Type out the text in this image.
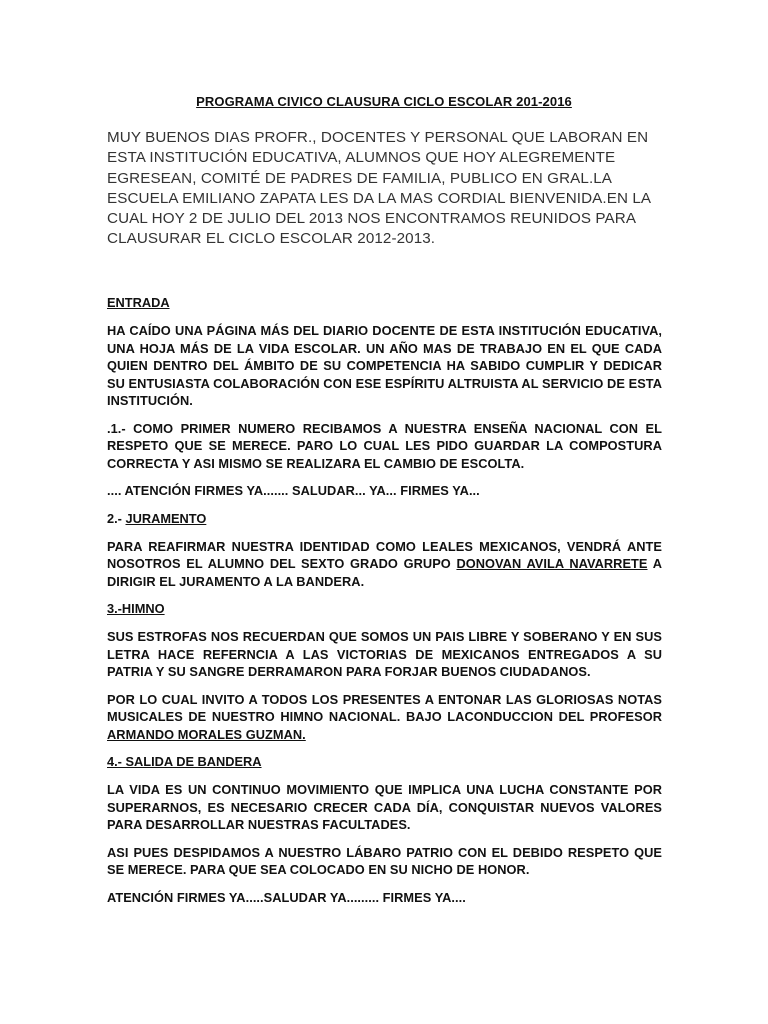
PROGRAMA CIVICO CLAUSURA CICLO ESCOLAR 201-2016
MUY BUENOS DIAS PROFR., DOCENTES Y PERSONAL QUE LABORAN EN ESTA INSTITUCIÓN EDUCATIVA, ALUMNOS QUE HOY ALEGREMENTE EGRESEAN, COMITÉ DE PADRES DE FAMILIA, PUBLICO EN GRAL.LA ESCUELA EMILIANO ZAPATA LES DA LA MAS CORDIAL BIENVENIDA.EN LA CUAL HOY 2 DE JULIO DEL 2013 NOS ENCONTRAMOS REUNIDOS PARA CLAUSURAR EL CICLO ESCOLAR 2012-2013.
ENTRADA
HA CAÍDO UNA PÁGINA MÁS DEL DIARIO DOCENTE DE ESTA INSTITUCIÓN EDUCATIVA, UNA HOJA MÁS DE LA VIDA ESCOLAR. UN AÑO MAS DE TRABAJO EN EL QUE CADA QUIEN DENTRO DEL ÁMBITO DE SU COMPETENCIA HA SABIDO CUMPLIR Y DEDICAR SU ENTUSIASTA COLABORACIÓN CON ESE ESPÍRITU ALTRUISTA AL SERVICIO DE ESTA INSTITUCIÓN.
.1.- COMO PRIMER NUMERO RECIBAMOS A NUESTRA ENSEÑA NACIONAL CON EL RESPETO QUE SE MERECE. PARO LO CUAL LES PIDO GUARDAR LA COMPOSTURA CORRECTA Y ASI MISMO SE REALIZARA EL CAMBIO DE ESCOLTA.
.... ATENCIÓN FIRMES YA....... SALUDAR... YA... FIRMES YA...
2.- JURAMENTO
PARA REAFIRMAR NUESTRA IDENTIDAD COMO LEALES MEXICANOS, VENDRÁ ANTE NOSOTROS EL ALUMNO DEL SEXTO GRADO GRUPO DONOVAN AVILA NAVARRETE A DIRIGIR EL JURAMENTO A LA BANDERA.
3.-HIMNO
SUS ESTROFAS NOS RECUERDAN QUE SOMOS UN PAIS LIBRE Y SOBERANO Y EN SUS LETRA HACE REFERNCIA A LAS VICTORIAS DE MEXICANOS ENTREGADOS A SU PATRIA Y SU SANGRE DERRAMARON PARA FORJAR BUENOS CIUDADANOS.
POR LO CUAL INVITO A TODOS LOS PRESENTES A ENTONAR LAS GLORIOSAS NOTAS MUSICALES DE NUESTRO HIMNO NACIONAL. BAJO LACONDUCCION DEL PROFESOR ARMANDO MORALES GUZMAN.
4.- SALIDA DE BANDERA
LA VIDA ES UN CONTINUO MOVIMIENTO QUE IMPLICA UNA LUCHA CONSTANTE POR SUPERARNOS, ES NECESARIO CRECER CADA DÍA, CONQUISTAR NUEVOS VALORES PARA DESARROLLAR NUESTRAS FACULTADES.
ASI PUES DESPIDAMOS A NUESTRO LÁBARO PATRIO CON EL DEBIDO RESPETO QUE SE MERECE. PARA QUE SEA COLOCADO EN SU NICHO DE HONOR.
ATENCIÓN FIRMES YA.....SALUDAR YA......... FIRMES YA....
